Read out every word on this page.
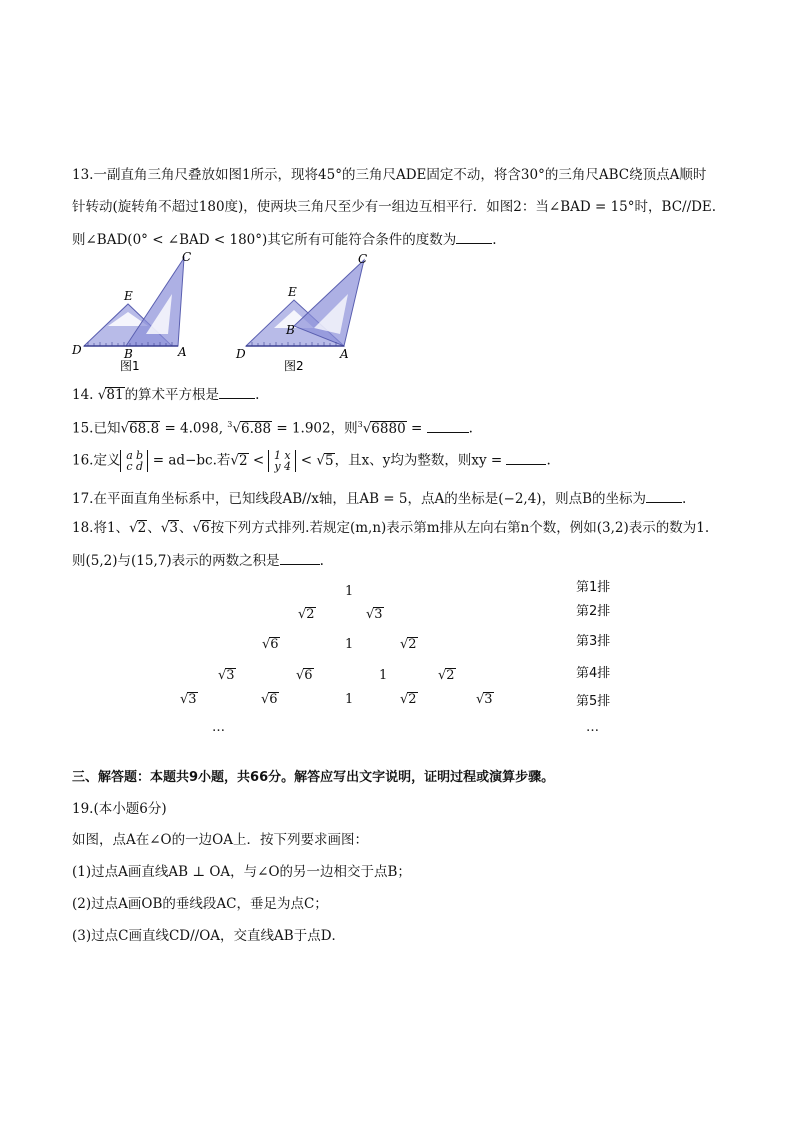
13.一副直角三角尺叠放如图1所示，现将45°的三角尺ADE固定不动，将含30°的三角尺ABC绕顶点A顺时
针转动(旋转角不超过180度)，使两块三角尺至少有一组边互相平行．如图2：当∠BAD = 15°时，BC//DE.
则∠BAD(0° < ∠BAD < 180°)其它所有可能符合条件的度数为	.
C
E
D	B	A
图1
C
E
D
B
A
图2
14. √81的算术平方根是	.
15.已知√68.8 = 4.098, $^3$√6.88 = 1.902，则$^3$√6880 =	.
16.定义 a b
c d = ad−bc.若√2 < 1 x
y 4 < √5，且x、y均为整数，则xy =	.
17.在平面直角坐标系中，已知线段AB//x轴，且AB = 5，点A的坐标是(−2,4)，则点B的坐标为	.
18.将1、√2、√3、√6按下列方式排列.若规定(m,n)表示第m排从左向右第n个数，例如(3,2)表示的数为1.
则(5,2)与(15,7)表示的两数之积是	.
1
√2	√3
√6	1	√2
√3	√6	1	√2
√3	√6	1	√2	√3
…	…
第1排
第2排
第3排
第4排
第5排
三、解答题：本题共9小题，共66分。解答应写出文字说明，证明过程或演算步骤。
19.(本小题6分)
如图，点A在∠O的一边OA上．按下列要求画图：
(1)过点A画直线AB ⊥ OA，与∠O的另一边相交于点B；
(2)过点A画OB的垂线段AC，垂足为点C；
(3)过点C画直线CD//OA，交直线AB于点D．
